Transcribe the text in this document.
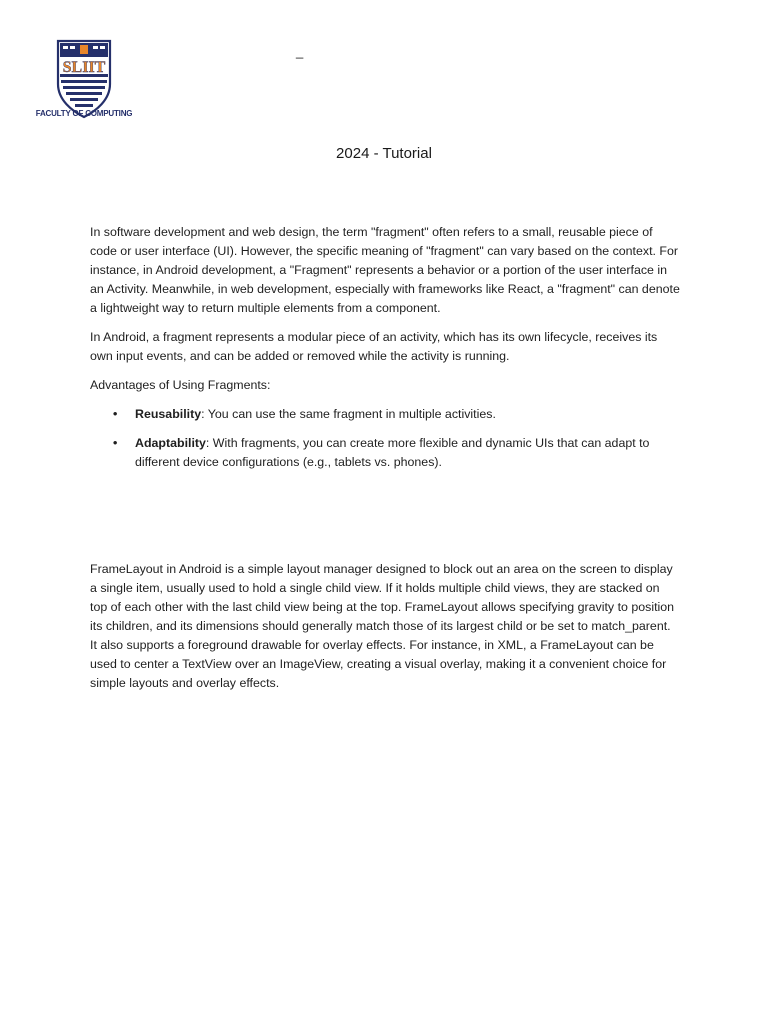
SLIIT
FACULTY OF COMPUTING
_
2024 - Tutorial

In software development and web design, the term "fragment" often refers to a small, reusable piece of code or user interface (UI). However, the specific meaning of "fragment" can vary based on the context. For instance, in Android development, a "Fragment" represents a behavior or a portion of the user interface in an Activity. Meanwhile, in web development, especially with frameworks like React, a "fragment" can denote a lightweight way to return multiple elements from a component.

In Android, a fragment represents a modular piece of an activity, which has its own lifecycle, receives its own input events, and can be added or removed while the activity is running.

Advantages of Using Fragments:

• Reusability: You can use the same fragment in multiple activities.
• Adaptability: With fragments, you can create more flexible and dynamic UIs that can adapt to different device configurations (e.g., tablets vs. phones).

FrameLayout in Android is a simple layout manager designed to block out an area on the screen to display a single item, usually used to hold a single child view. If it holds multiple child views, they are stacked on top of each other with the last child view being at the top. FrameLayout allows specifying gravity to position its children, and its dimensions should generally match those of its largest child or be set to match_parent. It also supports a foreground drawable for overlay effects. For instance, in XML, a FrameLayout can be used to center a TextView over an ImageView, creating a visual overlay, making it a convenient choice for simple layouts and overlay effects.
